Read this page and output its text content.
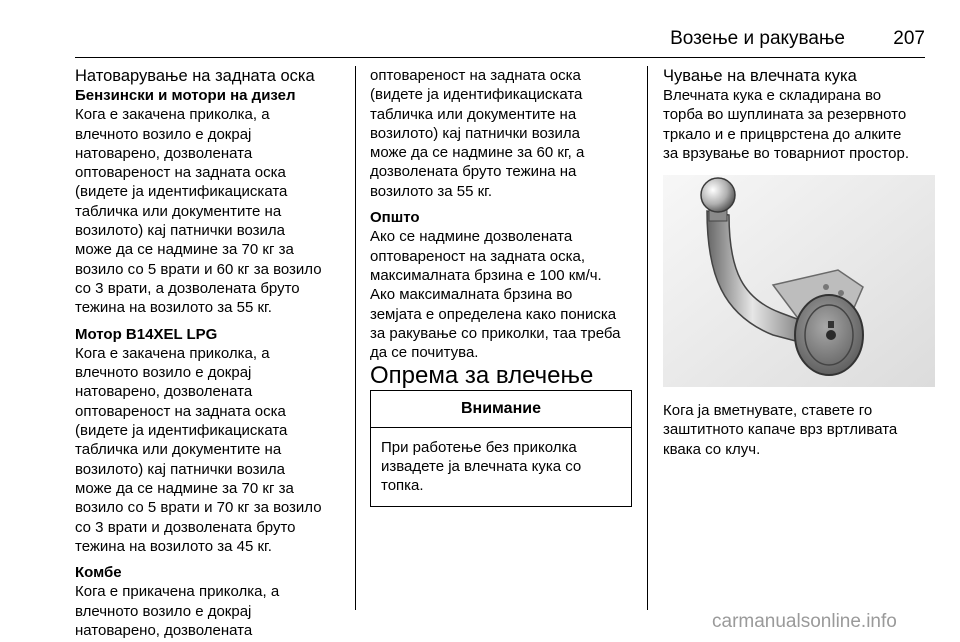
Возење и ракување	207

Натоварување на задната оска

Бензински и мотори на дизел

Кога е закачена приколка, а

влечното возило е докрај

натоварено, дозволената

оптовареност на задната оска

(видете ја идентификациската

табличка или документите на

возилото) кај патнички возила

може да се надмине за 70 кг за

возило со 5 врати и 60 кг за возило

со 3 врати, а дозволената бруто

тежина на возилото за 55 кг.

Мотор B14XEL LPG

Кога е закачена приколка, а

влечното возило е докрај

натоварено, дозволената

оптовареност на задната оска

(видете ја идентификациската

табличка или документите на

возилото) кај патнички возила

може да се надмине за 70 кг за

возило со 5 врати и 70 кг за возило

со 3 врати и дозволената бруто

тежина на возилото за 45 кг.

Комбе

Кога е прикачена приколка, а

влечното возило е докрај

натоварено, дозволената

оптовареност на задната оска

(видете ја идентификациската

табличка или документите на

возилото) кај патнички возила

може да се надмине за 60 кг, а

дозволената бруто тежина на

возилото за 55 кг.

Општо

Ако се надмине дозволената

оптовареност на задната оска,

максималната брзина е 100 км/ч.

Ако максималната брзина во

земјата е определена како пониска

за ракување со приколки, таа треба

да се почитува.

Опрема за влечење

Внимание

При работење без приколка

извадете ја влечната кука со

топка.

Чување на влечната кука

Влечната кука е складирана во

торба во шуплината за резервното

тркало и е прицврстена до алките

за врзување во товарниот простор.

Кога ја вметнувате, ставете го

заштитното капаче врз вртливата

квака со клуч.

carmanualsonline.info
